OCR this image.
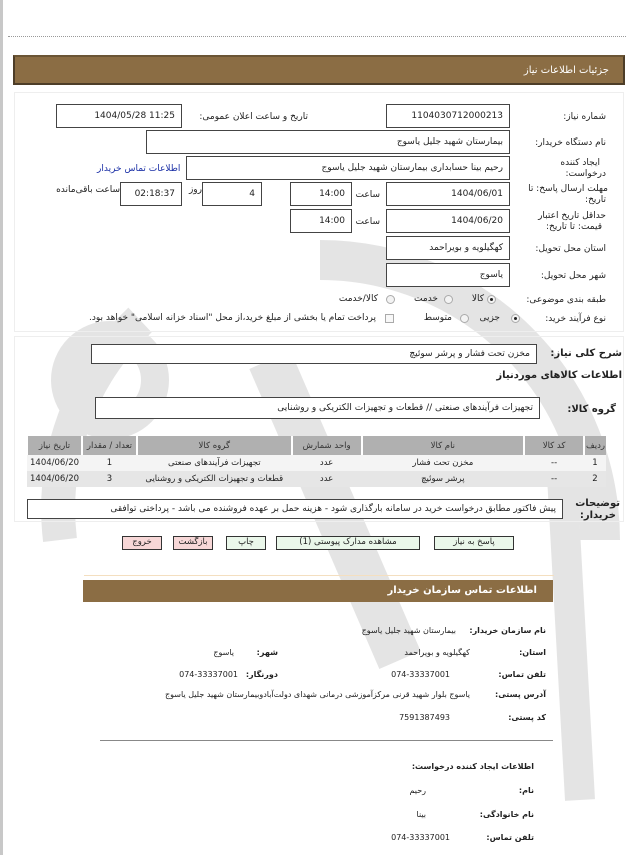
جزئیات اطلاعات نیاز
شماره نیاز:
1104030712000213
تاریخ و ساعت اعلان عمومی:
1404/05/28 11:25
نام دستگاه خریدار:
بیمارستان شهید جلیل یاسوج
ایجاد کننده
درخواست:
رحیم بینا حسابداری بیمارستان شهید جلیل یاسوج
اطلاعات تماس خریدار
مهلت ارسال پاسخ: تا
تاریخ:
1404/06/01
ساعت
14:00
4
روز
02:18:37
ساعت باقی‌مانده
حداقل تاریخ اعتبار
قیمت: تا تاریخ:
1404/06/20
ساعت
14:00
استان محل تحویل:
کهگیلویه و بویراحمد
شهر محل تحویل:
یاسوج
طبقه بندی موضوعی:
کالا
خدمت
کالا/خدمت
نوع فرآیند خرید:
جزیی
متوسط
پرداخت تمام یا بخشی از مبلغ خرید،از محل "اسناد خزانه اسلامی" خواهد بود.
شرح کلی نیاز:
مخزن تحت فشار و پرشر سوئیچ
اطلاعات کالاهای موردنیاز
گروه کالا:
تجهیزات فرآیندهای صنعتی // قطعات و تجهیزات الکتریکی و روشنایی
ردیف	کد کالا	نام کالا	واحد شمارش	گروه کالا	تعداد / مقدار	تاریخ نیاز
1	--	مخزن تحت فشار	عدد	تجهیزات فرآیندهای صنعتی	1	1404/06/20
2	--	پرشر سوئیچ	عدد	قطعات و تجهیزات الکتریکی و روشنایی	3	1404/06/20
توضیحات
خریدار:
پیش فاکتور مطابق درخواست خرید در سامانه بارگذاری شود - هزینه حمل بر عهده فروشنده می باشد - پرداختی توافقی
پاسخ به نیاز
مشاهده مدارک پیوستی (1)
چاپ
بازگشت
خروج
اطلاعات تماس سازمان خریدار
نام سازمان خریدار:
بیمارستان شهید جلیل یاسوج
استان:
کهگیلویه و بویراحمد
شهر:
یاسوج
تلفن تماس:
074-33337001
دورنگار:
074-33337001
آدرس پستی:
یاسوج بلوار شهید قرنی مرکزآموزشی درمانی شهدای دولت‌آبادوبیمارستان شهید جلیل یاسوج
کد پستی:
7591387493
اطلاعات ایجاد کننده درخواست:
نام:
رحیم
نام خانوادگی:
بینا
تلفن تماس:
074-33337001
